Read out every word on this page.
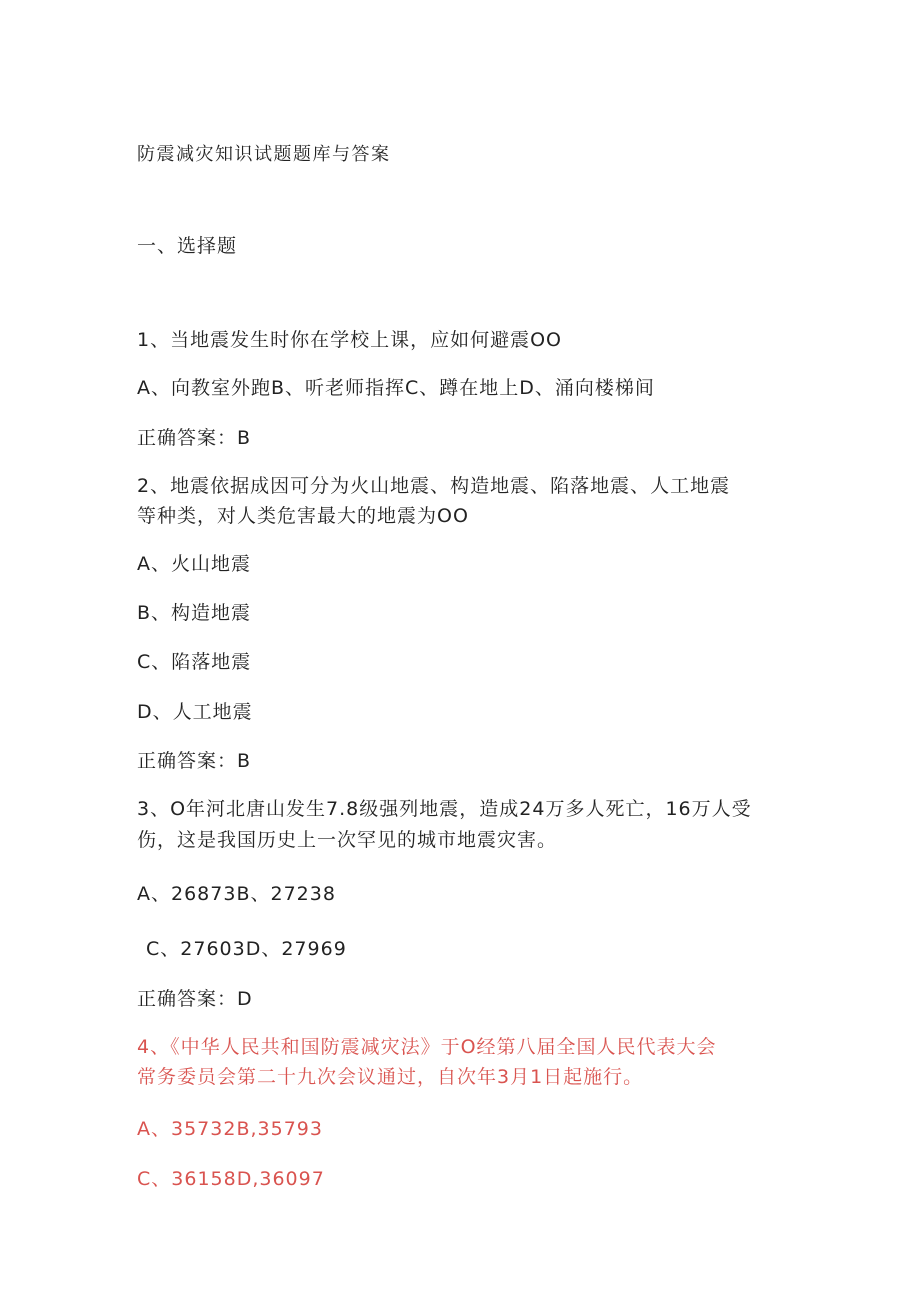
防震减灾知识试题题库与答案
一、选择题
1、当地震发生时你在学校上课，应如何避震OO
A、向教室外跑B、听老师指挥C、蹲在地上D、涌向楼梯间
正确答案：B
2、地震依据成因可分为火山地震、构造地震、陷落地震、人工地震
等种类，对人类危害最大的地震为OO
A、火山地震
B、构造地震
C、陷落地震
D、人工地震
正确答案：B
3、O年河北唐山发生7.8级强列地震，造成24万多人死亡，16万人受
伤，这是我国历史上一次罕见的城市地震灾害。
A、26873B、27238
C、27603D、27969
正确答案：D
4、《中华人民共和国防震减灾法》于O经第八届全国人民代表大会
常务委员会第二十九次会议通过，自次年3月1日起施行。
A、35732B,35793
C、36158D,36097
